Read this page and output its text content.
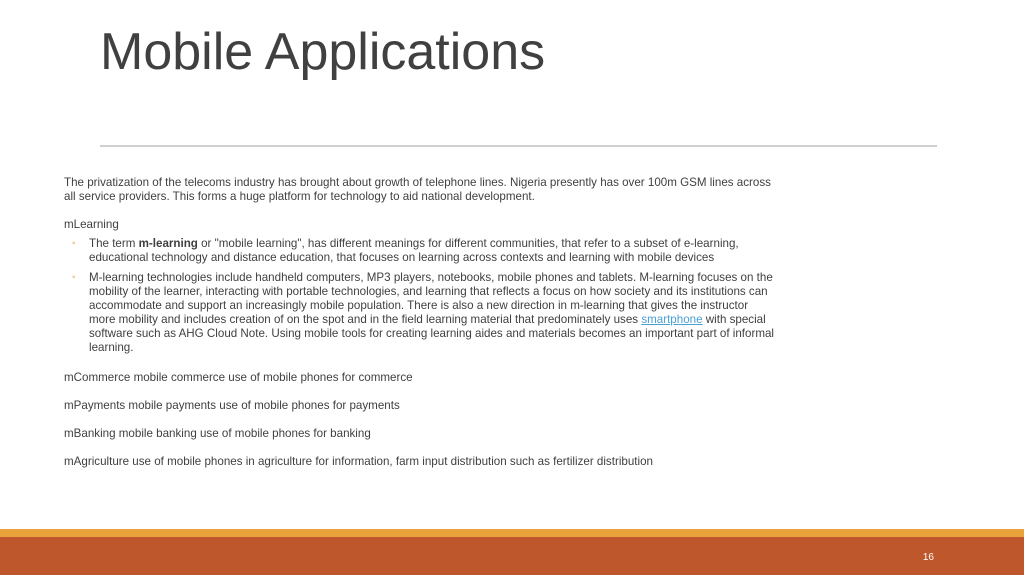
Mobile Applications

The privatization of the telecoms industry has brought about growth of telephone lines. Nigeria presently has over 100m GSM lines across all service providers. This forms a huge platform for technology to aid national development.

mLearning

◦ The term m-learning or "mobile learning", has different meanings for different communities, that refer to a subset of e-learning, educational technology and distance education, that focuses on learning across contexts and learning with mobile devices
◦ M-learning technologies include handheld computers, MP3 players, notebooks, mobile phones and tablets. M-learning focuses on the mobility of the learner, interacting with portable technologies, and learning that reflects a focus on how society and its institutions can accommodate and support an increasingly mobile population. There is also a new direction in m-learning that gives the instructor more mobility and includes creation of on the spot and in the field learning material that predominately uses smartphone with special software such as AHG Cloud Note. Using mobile tools for creating learning aides and materials becomes an important part of informal learning.

mCommerce mobile commerce use of mobile phones for commerce

mPayments mobile payments use of mobile phones for payments

mBanking mobile banking use of mobile phones for banking

mAgriculture use of mobile phones in agriculture for information, farm input distribution such as fertilizer distribution

16
